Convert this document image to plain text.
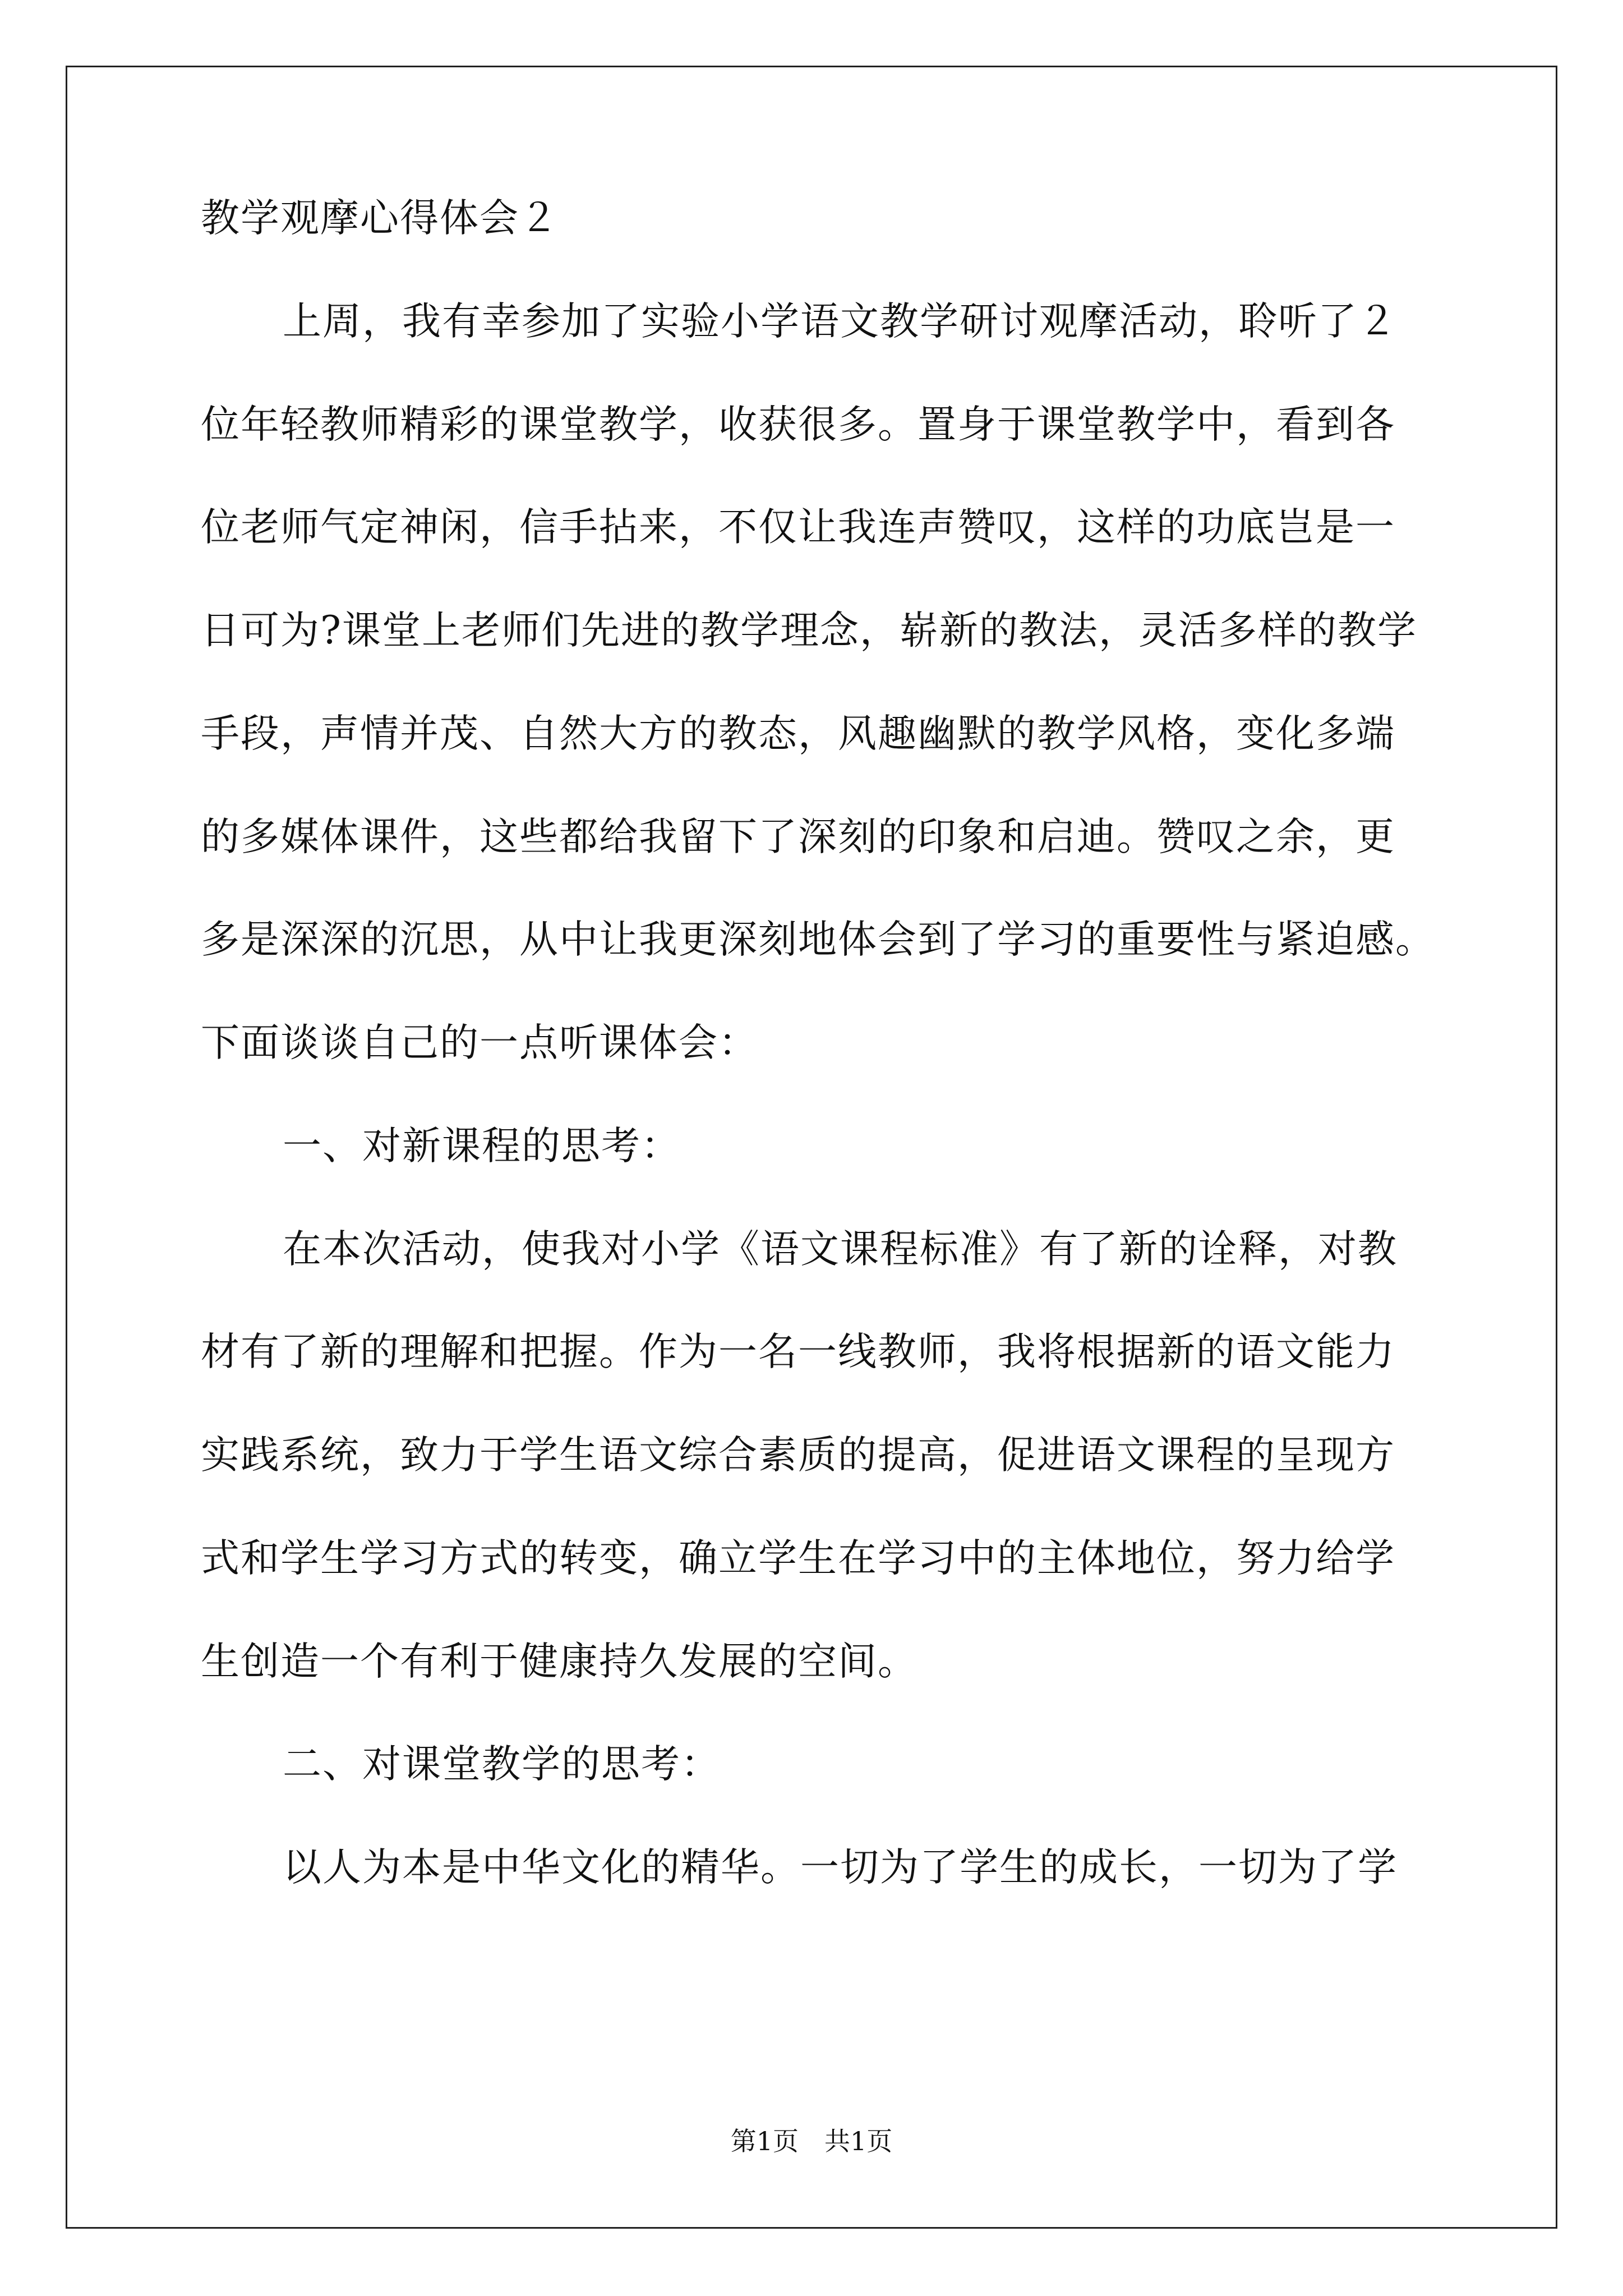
教学观摩心得体会２
上周，我有幸参加了实验小学语文教学研讨观摩活动，聆听了２
位年轻教师精彩的课堂教学，收获很多。置身于课堂教学中，看到各
位老师气定神闲，信手拈来，不仅让我连声赞叹，这样的功底岂是一
日可为?课堂上老师们先进的教学理念，崭新的教法，灵活多样的教学
手段，声情并茂、自然大方的教态，风趣幽默的教学风格，变化多端
的多媒体课件，这些都给我留下了深刻的印象和启迪。赞叹之余，更
多是深深的沉思，从中让我更深刻地体会到了学习的重要性与紧迫感。
下面谈谈自己的一点听课体会：
一、对新课程的思考：
在本次活动，使我对小学《语文课程标准》有了新的诠释，对教
材有了新的理解和把握。作为一名一线教师，我将根据新的语文能力
实践系统，致力于学生语文综合素质的提高，促进语文课程的呈现方
式和学生学习方式的转变，确立学生在学习中的主体地位，努力给学
生创造一个有利于健康持久发展的空间。
二、对课堂教学的思考：
以人为本是中华文化的精华。一切为了学生的成长，一切为了学
第1页　共1页
